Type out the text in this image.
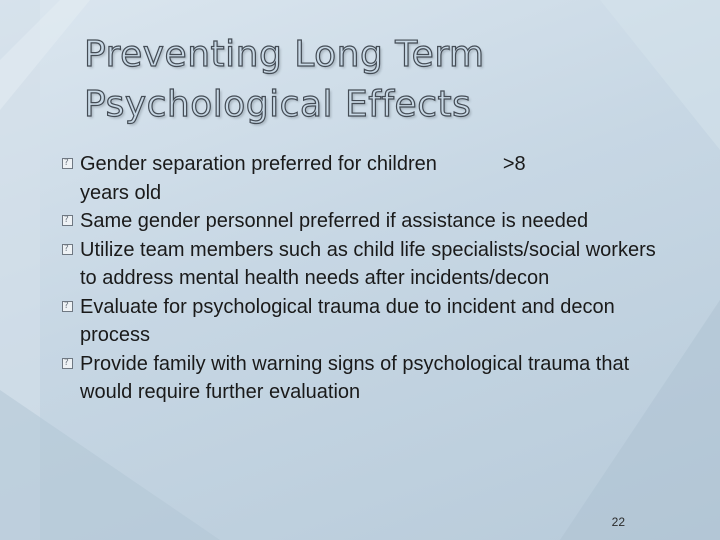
Preventing Long Term
Psychological Effects
?
Gender separation preferred for children	>8
years old
?
Same gender personnel preferred if assistance is needed
?
Utilize team members such as child life specialists/social workers to address mental health needs after incidents/decon
?
Evaluate for psychological trauma due to incident and decon process
?
Provide family with warning signs of psychological trauma that would require further evaluation
22
